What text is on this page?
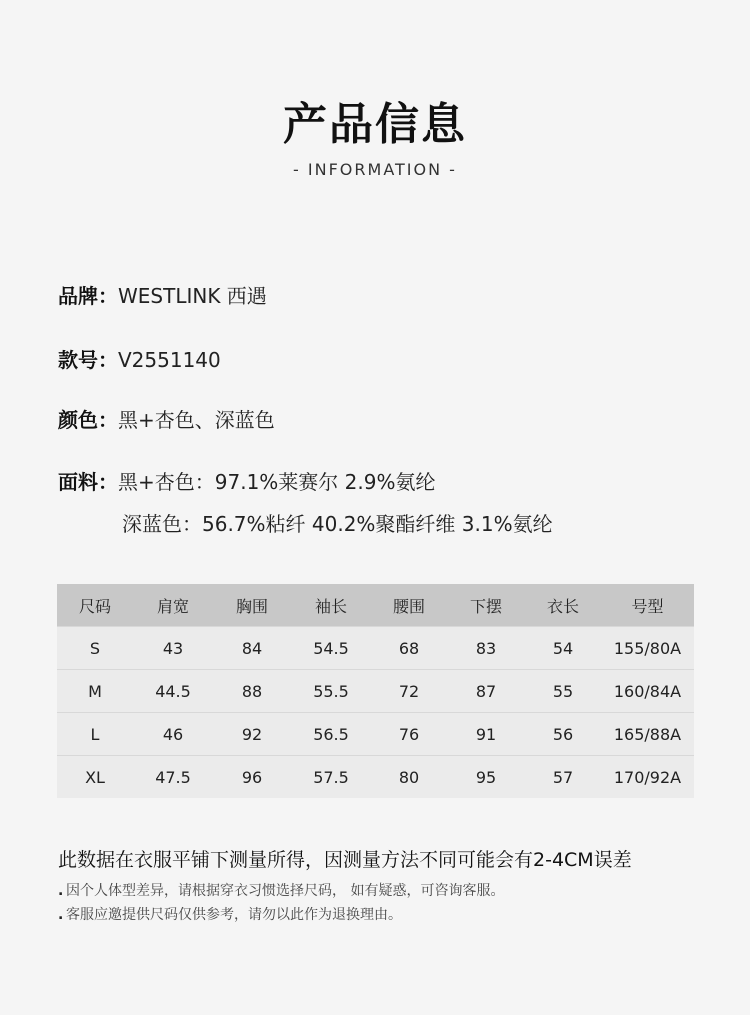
产品信息
- INFORMATION -
品牌：WESTLINK 西遇
款号：V2551140
颜色：黑+杏色、深蓝色
面料：黑+杏色：97.1%莱赛尔 2.9%氨纶
深蓝色：56.7%粘纤 40.2%聚酯纤维 3.1%氨纶
尺码	肩宽	胸围	袖长	腰围	下摆	衣长	号型
S	43	84	54.5	68	83	54	155/80A
M	44.5	88	55.5	72	87	55	160/84A
L	46	92	56.5	76	91	56	165/88A
XL	47.5	96	57.5	80	95	57	170/92A
此数据在衣服平铺下测量所得，因测量方法不同可能会有2-4CM误差
. 因个人体型差异，请根据穿衣习惯选择尺码， 如有疑惑，可咨询客服。
. 客服应邀提供尺码仅供参考，请勿以此作为退换理由。
